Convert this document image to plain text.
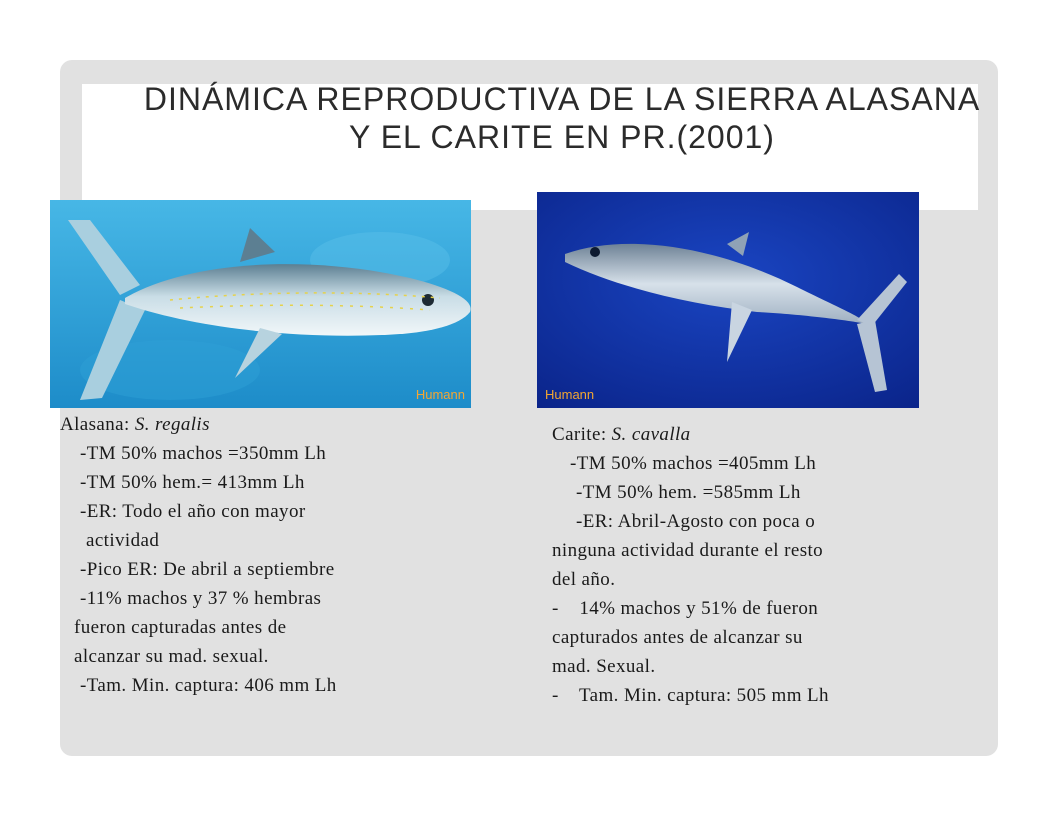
DINÁMICA REPRODUCTIVA DE LA SIERRA ALASANA
Y EL CARITE EN PR.(2001)
Humann	Humann
Alasana: S. regalis
-TM 50% machos =350mm Lh
-TM 50% hem.= 413mm Lh
-ER: Todo el año con mayor
actividad
-Pico ER: De abril a septiembre
-11% machos y 37 % hembras
fueron capturadas antes de
alcanzar su mad. sexual.
-Tam. Min. captura: 406 mm Lh
Carite: S. cavalla
-TM 50% machos =405mm Lh
-TM 50% hem. =585mm Lh
-ER: Abril-Agosto con poca o
ninguna actividad durante el resto
del año.
-    14% machos y 51% de fueron
capturados antes de alcanzar su
mad. Sexual.
-    Tam. Min. captura: 505 mm Lh
